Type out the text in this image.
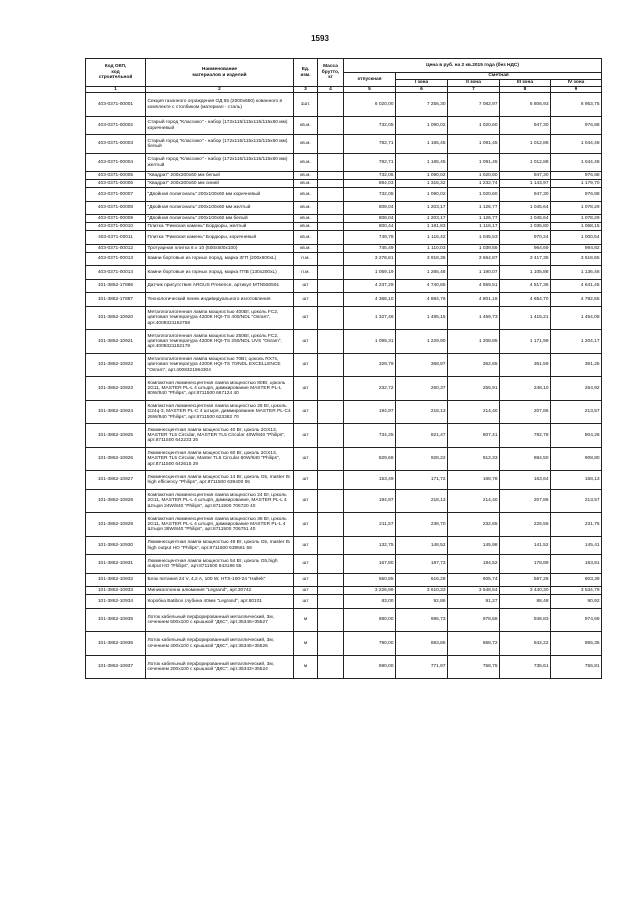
1593
Код ОКП,
код
строительной	Наименование
материалов и изделий	Ед.
изм.	Масса
брутто,
кг	Цена в руб. на 2 кв.2015 года (без НДС)				
				отпускная	Сметная			
					I зона	II зона	III зона	IV зона
1	2	3	4	5	6	7	8	9
403-0371-00001	Секция газонного ограждения ОД 65 (2000х650) кованного в комплекте с столбиком (материал - сталь)	1шт.		6 020,00	7 256,30	7 082,97	6 806,93	6 953,75
403-0371-00002	Старый город "Классико" - набор (172х115/115х115/115х60 мм) коричневый	кв.м.		732,05	1 090,02	1 020,60	947,30	976,88
403-0371-00003	Старый город "Классико" - набор (172х115/115х115/115х60 мм) белый	кв.м.		782,71	1 165,45	1 091,45	1 012,88	1 044,48
403-0371-00004	Старый город "Классико" - набор (172х115/115х115/115х60 мм) желтый	кв.м.		782,71	1 165,45	1 091,45	1 012,88	1 044,48
403-0371-00005	"Квадрат" 200х200х60 мм белый	кв.м.		732,05	1 090,02	1 020,60	947,30	976,88
403-0371-00006	"Квадрат" 200х200х60 мм синий	кв.м.		884,03	1 316,32	1 232,74	1 143,97	1 179,70
403-0371-00007	"Двойная полигональ" 200х100х60 мм коричневый	кв.м.		732,05	1 090,02	1 020,60	947,30	976,88
403-0371-00008	"Двойная полигональ" 200х100х60 мм желтый	кв.м.		808,04	1 203,17	1 126,77	1 045,64	1 078,29
403-0371-00009	"Двойная полигональ" 200х100х60 мм белый	кв.м.		808,04	1 203,17	1 126,77	1 045,64	1 078,29
403-0371-00010	Плитка "Римская камень" Бордюры, желтый	кв.м.		800,44	1 191,83	1 116,17	1 035,80	1 068,15
403-0371-00011	Плитка "Римская камень" Бордюры, коричневый	кв.м.		749,78	1 116,42	1 045,53	970,24	1 000,54
403-0371-00012	Тротуарная плитка 6 х 10 (500х500х100)	кв.м.		745,49	1 110,03	1 039,55	964,69	994,82
403-0371-00013	Камни бортовые из горных пород, марка 3ГП (200х600хL)	п.м.		3 278,61	3 918,36	3 664,87	3 417,35	3 518,65
403-0371-00014	Камни бортовые из горных пород, марка ГПВ (130х200хL)	п.м.		1 059,19	1 265,48	1 190,07	1 105,88	1 136,46
101-3862-17886	Датчик присутствия ARGUS Presence, артикул MTN550591	шт		4 237,29	4 740,65	4 659,51	4 517,36	4 641,45
101-3862-17887	Технологический пенек индивидуального изготовления	шт		4 366,10	4 884,76	4 801,16	4 654,70	4 782,55
101-3862-10920	Металлогалогенная лампа мощностью 400Вт, цоколь FC2, цветовая температура 4200К HQI-TS 400/NDL "Osram", арт.4008321152758	шт		1 327,46	1 485,15	1 459,73	1 415,21	1 454,08
101-3862-10921	Металлогалогенная лампа мощностью 250Вт, цоколь FC2, цветовая температура 4200К HQI-TS 250/NDL UVS "Osram", арт.4008321152178	шт		1 099,31	1 229,90	1 208,85	1 171,99	1 204,17
101-3862-10922	Металлогалогенная лампа мощностью 70Вт, цоколь RX7s, цветовая температура 4200К HQI-TS 70/NDL EXCELLENCE "Osram", арт.4008321964304	шт		329,79	368,97	362,65	351,59	361,25
101-3862-10923	Компактная люминесцентная лампа мощностью 80Вт, цоколь 2G11, MASTER PL-L 4 штыря, диммирование MASTER PL-L 80W/840 "Philips", арт.8711500 667124 40	шт		232,72	260,37	255,91	248,10	254,92
101-3862-10924	Компактная люминесцентная лампа мощностью 26 Вт, цоколь G24q-3, MASTER PL-C 4 штыря, диммирование MASTER PL-C4 26W/840 "Philips", арт.8711500 623382 70	шт		194,97	218,13	214,40	207,86	213,57
101-3862-10925	Люминесцентная лампа мощностью 40 Вт, цоколь 2GX13, MASTER TL5 Circular, MASTER TL5 Circular 40W/840 "Philips", арт.8711500 642233 25	шт		734,25	821,47	807,41	782,78	804,28
101-3862-10926	Люминесцентная лампа мощностью 60 Вт, цоколь 2GX13, MASTER TL5 Circular, Master TL5 Circular 60W/840 "Philips", арт.8711500 642615 29	шт		829,66	928,22	912,33	884,50	908,80
101-3862-10927	Люминесцентная лампа мощностью 14 Вт, цоколь G5, master t5 high efficiency "Philips", арт.8711500 639400 55	шт		153,49	171,72	168,78	163,64	168,13
101-3862-10928	Компактная люминесцентная лампа мощностью 24 Вт, цоколь 2G11, MASTER PL-L 4 штыря, диммирование, MASTER PL-L 4 Штыря 24W/840 "Philips", арт.8711500 706720 40	шт		194,97	218,13	214,40	207,86	213,57
101-3862-10929	Компактная люминесцентная лампа мощностью 36 Вт, цоколь 2G11, MASTER PL-L 4 штыря, диммирование MASTER PL-L 4 Штыря 36W/840 "Philips", арт.8711500 706751 40	шт		211,57	236,70	232,65	225,56	231,75
101-3862-10930	Люминесцентная лампа мощностью 49 Вт, цоколь G5, master t5 high output HO "Philips", арт.8711500 639561 59	шт		132,75	148,52	145,98	141,52	145,41
101-3862-10931	Люминесцентная лампа мощностью 54 Вт, цоколь G5,high output HO "Philips", арт.8711500 643186 55	шт		167,80	187,73	184,52	178,89	183,81
101-3862-10932	Блок питания 24 V, 4,2 A, 100 W, HTS-100-24 "Haltek"	шт		550,85	616,28	605,74	587,26	603,39
101-3862-10933	Миникоплонна алюминия "Legrand", арт.30742	шт		3 226,99	3 610,33	3 548,54	3 440,30	3 534,79
101-3862-10934	Коробка Batibox глубина 40мм "Legrand", арт.80101	шт		83,00	92,86	91,27	88,48	90,92
101-3862-10935	Лоток кабельный перфорированный металлический, 3м, сечением 500х100 с крышкой "ДКС", арт.35346+35527	м		880,00	985,73	978,68	948,83	974,69
101-3862-10936	Лоток кабельный перфорированный металлический, 3м, сечением 400х100 с крышкой "ДКС", арт.35345+35526	м		790,00	883,85	868,72	842,22	865,35
101-3862-10937	Лоток кабельный перфорированный металлический, 3м, сечением 200х100 с крышкой "ДКС", арт.35343+35524	м		690,00	771,97	758,75	735,61	755,81
